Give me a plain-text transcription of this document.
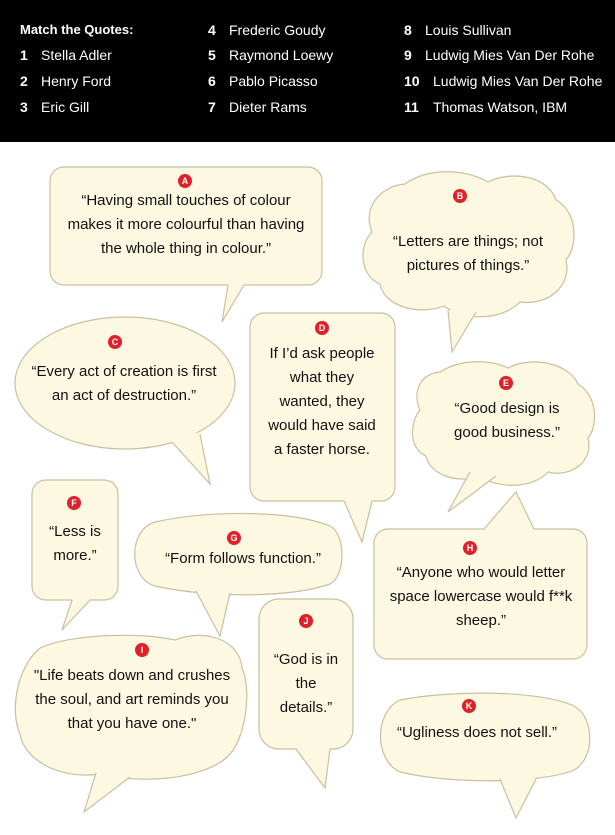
Match the Quotes:
1 Stella Adler
2 Henry Ford
3 Eric Gill
4 Frederic Goudy
5 Raymond Loewy
6 Pablo Picasso
7 Dieter Rams
8 Louis Sullivan
9 Ludwig Mies Van Der Rohe
10 Ludwig Mies Van Der Rohe
11 Thomas Watson, IBM
A
B
C
D
E
F
G
H
I
J
K
“Having small touches of colour makes it more colourful than having the whole thing in colour.”	“Letters are things; not pictures of things.”
“Every act of creation is first an act of destruction.”
If I’d ask people what they wanted, they would have said a faster horse.
“Good design is good business.”
“Less is more.”	“Form follows function.”
“Anyone who would letter space lowercase would f**k sheep.”
"Life beats down and crushes the soul, and art reminds you that you have one."
“God is in the details.”
“Ugliness does not sell.”
